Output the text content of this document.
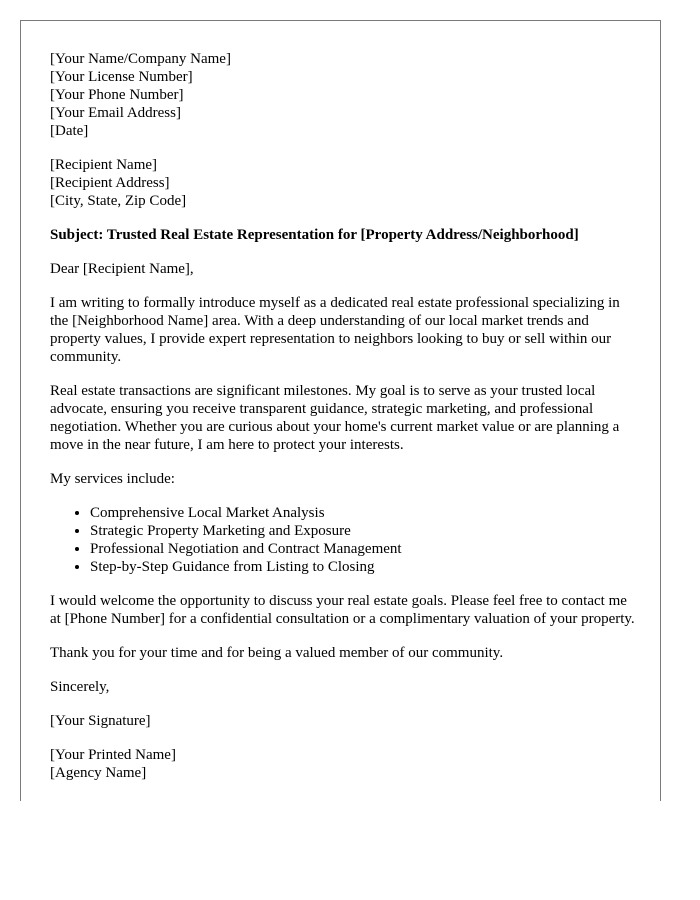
[Your Name/Company Name]
[Your License Number]
[Your Phone Number]
[Your Email Address]
[Date]
[Recipient Name]
[Recipient Address]
[City, State, Zip Code]
Subject: Trusted Real Estate Representation for [Property Address/Neighborhood]

Dear [Recipient Name],

I am writing to formally introduce myself as a dedicated real estate professional specializing in the [Neighborhood Name] area. With a deep understanding of our local market trends and property values, I provide expert representation to neighbors looking to buy or sell within our community.

Real estate transactions are significant milestones. My goal is to serve as your trusted local advocate, ensuring you receive transparent guidance, strategic marketing, and professional negotiation. Whether you are curious about your home's current market value or are planning a move in the near future, I am here to protect your interests.

My services include:

• Comprehensive Local Market Analysis
• Strategic Property Marketing and Exposure
• Professional Negotiation and Contract Management
• Step-by-Step Guidance from Listing to Closing

I would welcome the opportunity to discuss your real estate goals. Please feel free to contact me at [Phone Number] for a confidential consultation or a complimentary valuation of your property.

Thank you for your time and for being a valued member of our community.

Sincerely,

[Your Signature]

[Your Printed Name]
[Agency Name]
